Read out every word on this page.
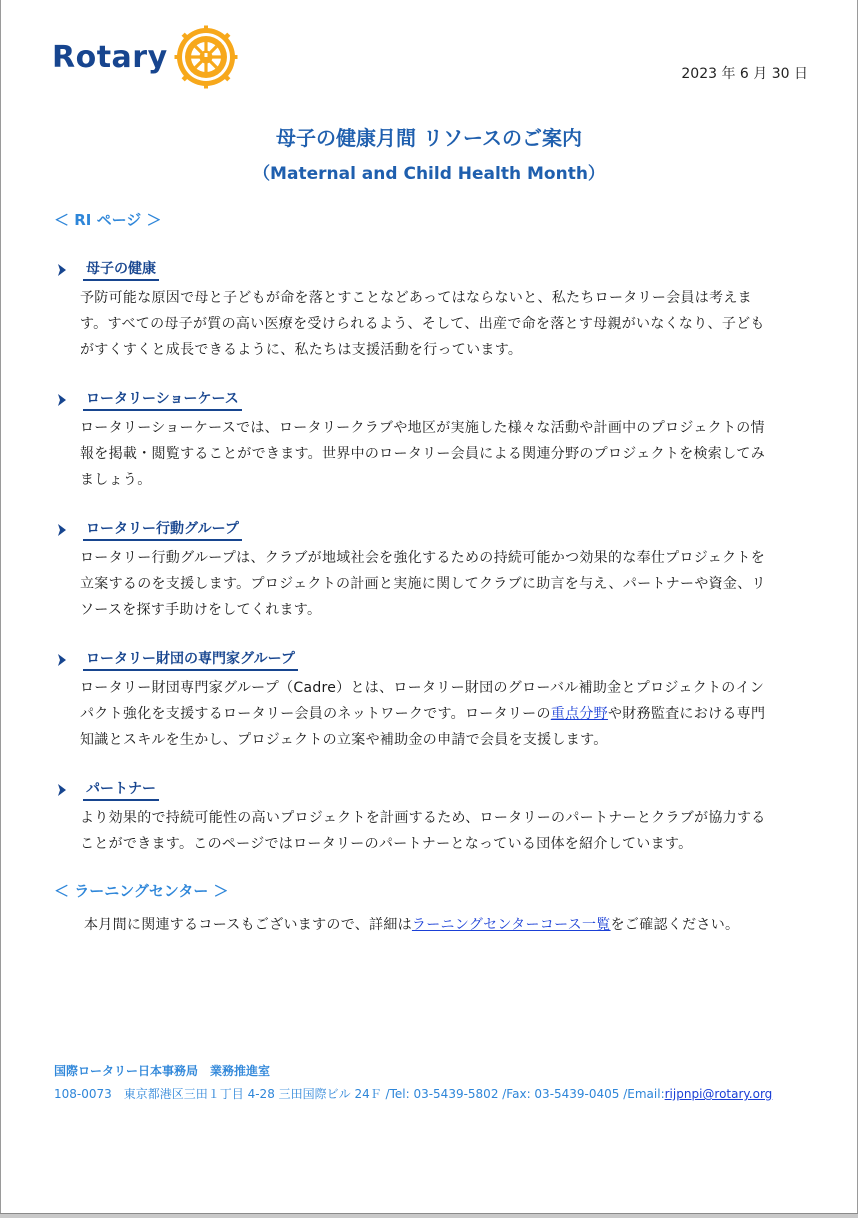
Rotary	2023 年 6 月 30 日
母子の健康月間 リソースのご案内
（Maternal and Child Health Month）
＜ RI ページ ＞
母子の健康
予防可能な原因で母と子どもが命を落とすことなどあってはならないと、私たちロータリー会員は考えま
す。すべての母子が質の高い医療を受けられるよう、そして、出産で命を落とす母親がいなくなり、子ども
がすくすくと成長できるように、私たちは支援活動を行っています。
ロータリーショーケース
ロータリーショーケースでは、ロータリークラブや地区が実施した様々な活動や計画中のプロジェクトの情
報を掲載・閲覧することができます。世界中のロータリー会員による関連分野のプロジェクトを検索してみ
ましょう。
ロータリー行動グループ
ロータリー行動グループは、クラブが地域社会を強化するための持続可能かつ効果的な奉仕プロジェクトを
立案するのを支援します。プロジェクトの計画と実施に関してクラブに助言を与え、パートナーや資金、リ
ソースを探す手助けをしてくれます。
ロータリー財団の専門家グループ
ロータリー財団専門家グループ（Cadre）とは、ロータリー財団のグローバル補助金とプロジェクトのイン
パクト強化を支援するロータリー会員のネットワークです。ロータリーの重点分野や財務監査における専門
知識とスキルを生かし、プロジェクトの立案や補助金の申請で会員を支援します。
パートナー
より効果的で持続可能性の高いプロジェクトを計画するため、ロータリーのパートナーとクラブが協力する
ことができます。このページではロータリーのパートナーとなっている団体を紹介しています。
＜ ラーニングセンター ＞
本月間に関連するコースもございますので、詳細はラーニングセンターコース一覧をご確認ください。
国際ロータリー日本事務局　業務推進室
108-0073　東京都港区三田１丁目 4-28 三田国際ビル 24Ｆ /Tel: 03-5439-5802 /Fax: 03-5439-0405 /Email:rijpnpi@rotary.org
